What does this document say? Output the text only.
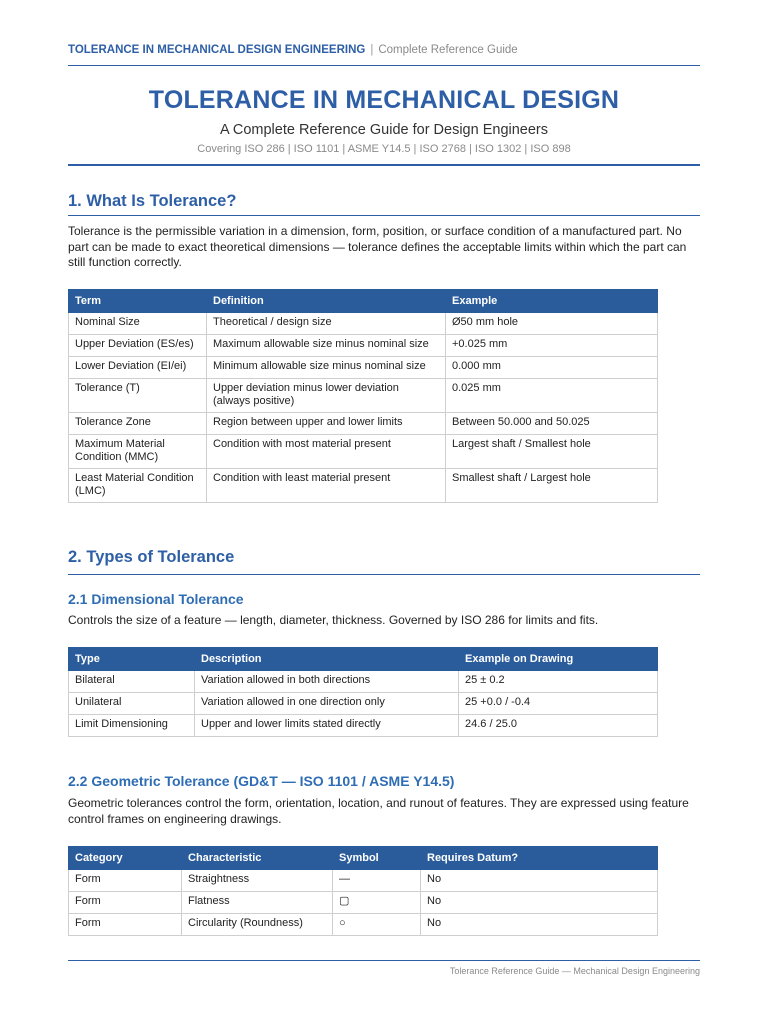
TOLERANCE IN MECHANICAL DESIGN ENGINEERING | Complete Reference Guide
TOLERANCE IN MECHANICAL DESIGN
A Complete Reference Guide for Design Engineers
Covering ISO 286 | ISO 1101 | ASME Y14.5 | ISO 2768 | ISO 1302 | ISO 898
1. What Is Tolerance?
Tolerance is the permissible variation in a dimension, form, position, or surface condition of a manufactured part. No part can be made to exact theoretical dimensions — tolerance defines the acceptable limits within which the part can still function correctly.
Term	Definition	Example
Nominal Size	Theoretical / design size	Ø50 mm hole
Upper Deviation (ES/es)	Maximum allowable size minus nominal size	+0.025 mm
Lower Deviation (EI/ei)	Minimum allowable size minus nominal size	0.000 mm
Tolerance (T)	Upper deviation minus lower deviation (always positive)	0.025 mm
Tolerance Zone	Region between upper and lower limits	Between 50.000 and 50.025
Maximum Material Condition (MMC)	Condition with most material present	Largest shaft / Smallest hole
Least Material Condition (LMC)	Condition with least material present	Smallest shaft / Largest hole
2. Types of Tolerance
2.1 Dimensional Tolerance
Controls the size of a feature — length, diameter, thickness. Governed by ISO 286 for limits and fits.
Type	Description	Example on Drawing
Bilateral	Variation allowed in both directions	25 ± 0.2
Unilateral	Variation allowed in one direction only	25 +0.0 / -0.4
Limit Dimensioning	Upper and lower limits stated directly	24.6 / 25.0
2.2 Geometric Tolerance (GD&T — ISO 1101 / ASME Y14.5)
Geometric tolerances control the form, orientation, location, and runout of features. They are expressed using feature control frames on engineering drawings.
Category	Characteristic	Symbol	Requires Datum?
Form	Straightness	—	No
Form	Flatness	▢	No
Form	Circularity (Roundness)	○	No
Tolerance Reference Guide — Mechanical Design Engineering
